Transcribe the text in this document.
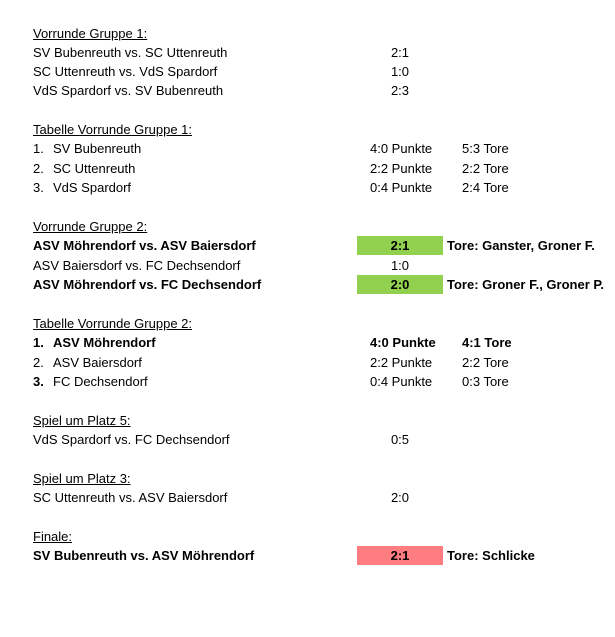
Vorrunde Gruppe 1:
SV Bubenreuth vs. SC Uttenreuth	2:1
SC Uttenreuth vs. VdS Spardorf	1:0
VdS Spardorf vs. SV Bubenreuth	2:3
Tabelle Vorrunde Gruppe 1:
1. SV Bubenreuth	4:0 Punkte 5:3 Tore
2. SC Uttenreuth	2:2 Punkte 2:2 Tore
3. VdS Spardorf	0:4 Punkte 2:4 Tore
Vorrunde Gruppe 2:
ASV Möhrendorf vs. ASV Baiersdorf	2:1	Tore: Ganster, Groner F.
ASV Baiersdorf vs. FC Dechsendorf	1:0
ASV Möhrendorf vs. FC Dechsendorf	2:0	Tore: Groner F., Groner P.
Tabelle Vorrunde Gruppe 2:
1. ASV Möhrendorf	4:0 Punkte 4:1 Tore
2. ASV Baiersdorf	2:2 Punkte 2:2 Tore
3. FC Dechsendorf	0:4 Punkte 0:3 Tore
Spiel um Platz 5:
VdS Spardorf vs. FC Dechsendorf	0:5
Spiel um Platz 3:
SC Uttenreuth vs. ASV Baiersdorf	2:0
Finale:
SV Bubenreuth vs. ASV Möhrendorf	2:1	Tore: Schlicke
